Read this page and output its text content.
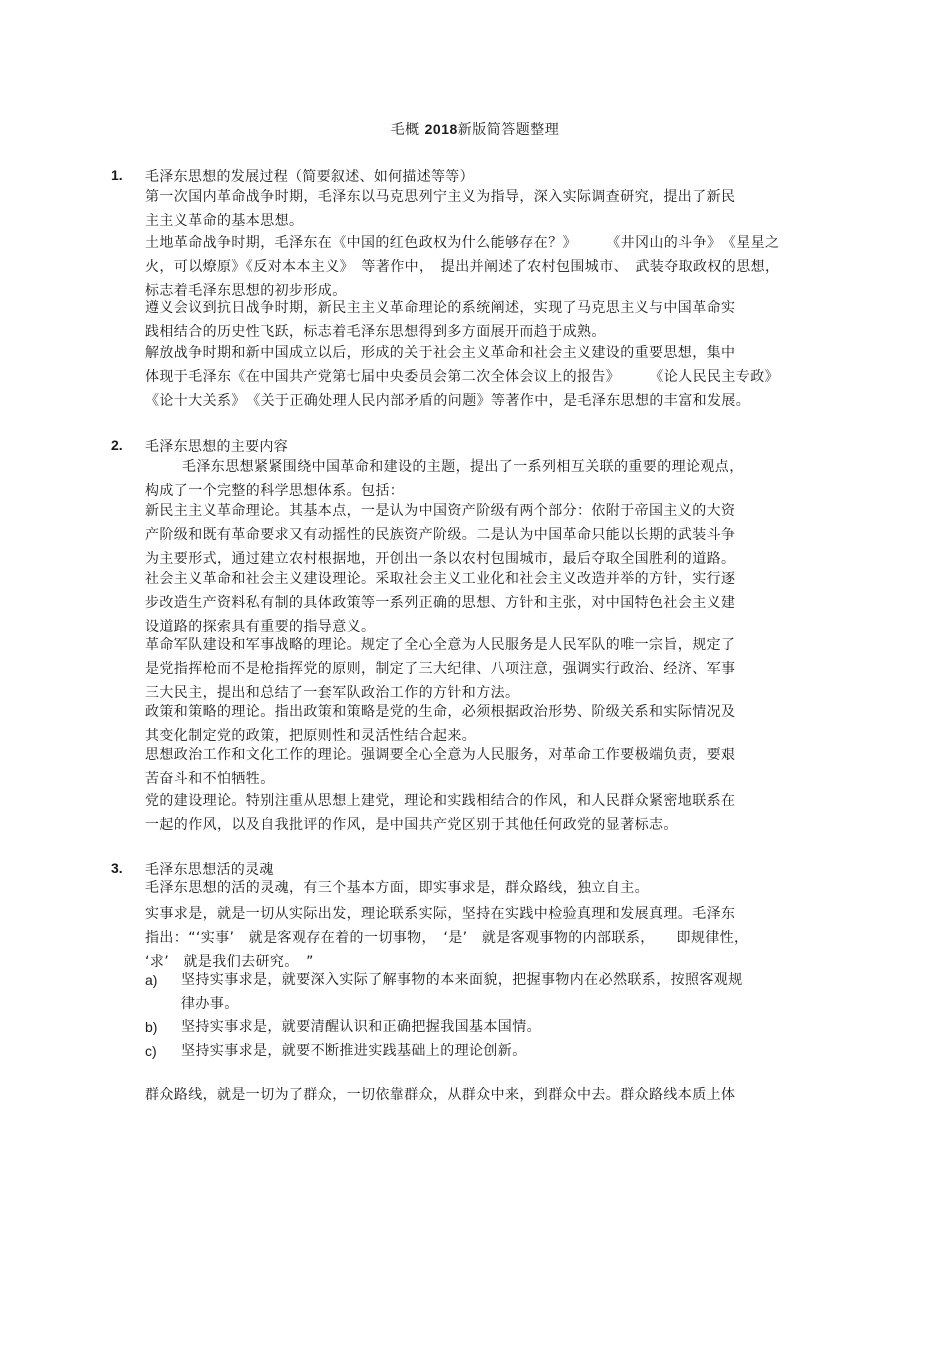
毛概 2018新版简答题整理
1. 毛泽东思想的发展过程（简要叙述、如何描述等等）
第一次国内革命战争时期，毛泽东以马克思列宁主义为指导，深入实际调查研究，提出了新民
主主义革命的基本思想。
土地革命战争时期，毛泽东在《中国的红色政权为什么能够存在？》　　　《井冈山的斗争》　《星星之
火，可以燎原》《反对本本主义》　等著作中，　提出并阐述了农村包围城市、　武装夺取政权的思想，
标志着毛泽东思想的初步形成。
遵义会议到抗日战争时期，新民主主义革命理论的系统阐述，实现了马克思主义与中国革命实
践相结合的历史性飞跃，标志着毛泽东思想得到多方面展开而趋于成熟。
解放战争时期和新中国成立以后，形成的关于社会主义革命和社会主义建设的重要思想，集中
体现于毛泽东《在中国共产党第七届中央委员会第二次全体会议上的报告》　　　《论人民民主专政》
《论十大关系》　《关于正确处理人民内部矛盾的问题》等著作中，是毛泽东思想的丰富和发展。
2. 毛泽东思想的主要内容
毛泽东思想紧紧围绕中国革命和建设的主题，提出了一系列相互关联的重要的理论观点，
构成了一个完整的科学思想体系。包括：
新民主主义革命理论。其基本点，一是认为中国资产阶级有两个部分：依附于帝国主义的大资
产阶级和既有革命要求又有动摇性的民族资产阶级。二是认为中国革命只能以长期的武装斗争
为主要形式，通过建立农村根据地，开创出一条以农村包围城市，最后夺取全国胜利的道路。
社会主义革命和社会主义建设理论。采取社会主义工业化和社会主义改造并举的方针，实行逐
步改造生产资料私有制的具体政策等一系列正确的思想、方针和主张，对中国特色社会主义建
设道路的探索具有重要的指导意义。
革命军队建设和军事战略的理论。规定了全心全意为人民服务是人民军队的唯一宗旨，规定了
是党指挥枪而不是枪指挥党的原则，制定了三大纪律、八项注意，强调实行政治、经济、军事
三大民主，提出和总结了一套军队政治工作的方针和方法。
政策和策略的理论。指出政策和策略是党的生命，必须根据政治形势、阶级关系和实际情况及
其变化制定党的政策，把原则性和灵活性结合起来。
思想政治工作和文化工作的理论。强调要全心全意为人民服务，对革命工作要极端负责，要艰
苦奋斗和不怕牺牲。
党的建设理论。特别注重从思想上建党，理论和实践相结合的作风，和人民群众紧密地联系在
一起的作风，以及自我批评的作风，是中国共产党区别于其他任何政党的显著标志。
3. 毛泽东思想活的灵魂
毛泽东思想的活的灵魂，有三个基本方面，即实事求是，群众路线，独立自主。
实事求是，就是一切从实际出发，理论联系实际，坚持在实践中检验真理和发展真理。毛泽东
指出：“‘实事’　就是客观存在着的一切事物，　‘是’　就是客观事物的内部联系，　　即规律性，
‘求’　就是我们去研究。　”
a) 坚持实事求是，就要深入实际了解事物的本来面貌，把握事物内在必然联系，按照客观规
律办事。
b) 坚持实事求是，就要清醒认识和正确把握我国基本国情。
c) 坚持实事求是，就要不断推进实践基础上的理论创新。
群众路线，就是一切为了群众，一切依靠群众，从群众中来，到群众中去。群众路线本质上体
